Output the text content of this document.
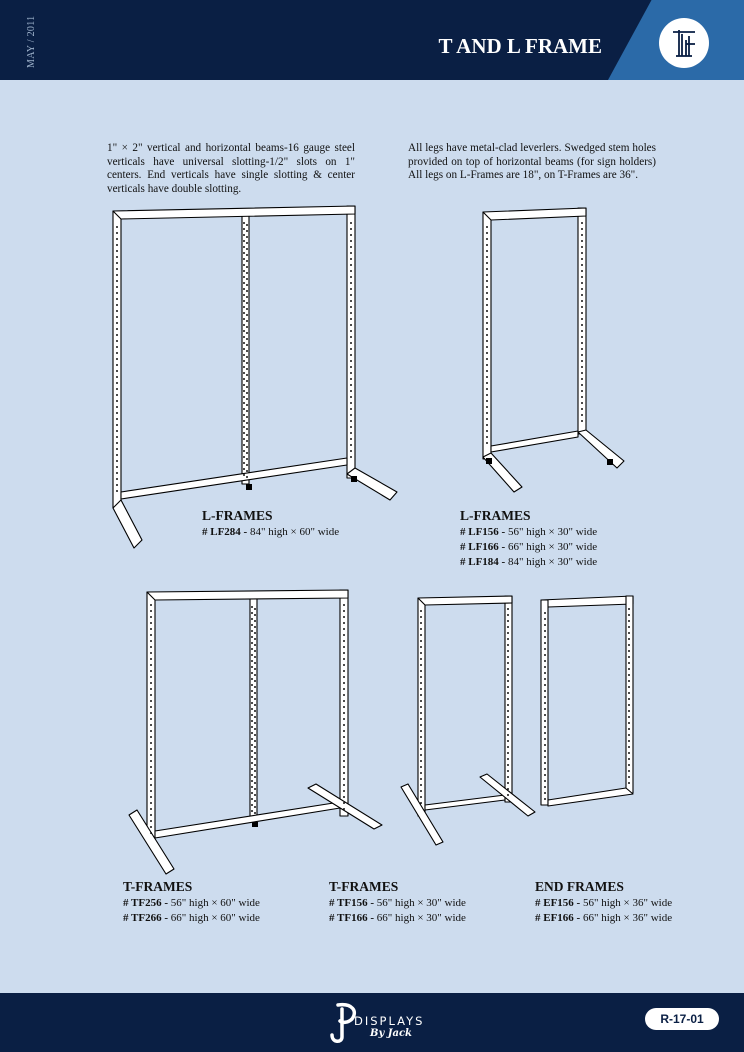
MAY / 2011	T AND L FRAME
1" × 2" vertical and horizontal beams-16 gauge steel verticals have universal slotting-1/2" slots on 1" centers. End verticals have single slotting & center verticals have double slotting.
All legs have metal-clad leverlers. Swedged stem holes provided on top of horizontal beams (for sign holders) All legs on L-Frames are 18", on T-Frames are 36".
L-FRAMES
# LF284 - 84" high × 60" wide
L-FRAMES
# LF156 - 56" high × 30" wide
# LF166 - 66" high × 30" wide
# LF184 - 84" high × 30" wide
T-FRAMES
# TF256 - 56" high × 60" wide
# TF266 - 66" high × 60" wide
T-FRAMES
# TF156 - 56" high × 30" wide
# TF166 - 66" high × 30" wide
END FRAMES
# EF156 - 56" high × 36" wide
# EF166 - 66" high × 36" wide
DISPLAYS
By Jack
R-17-01
